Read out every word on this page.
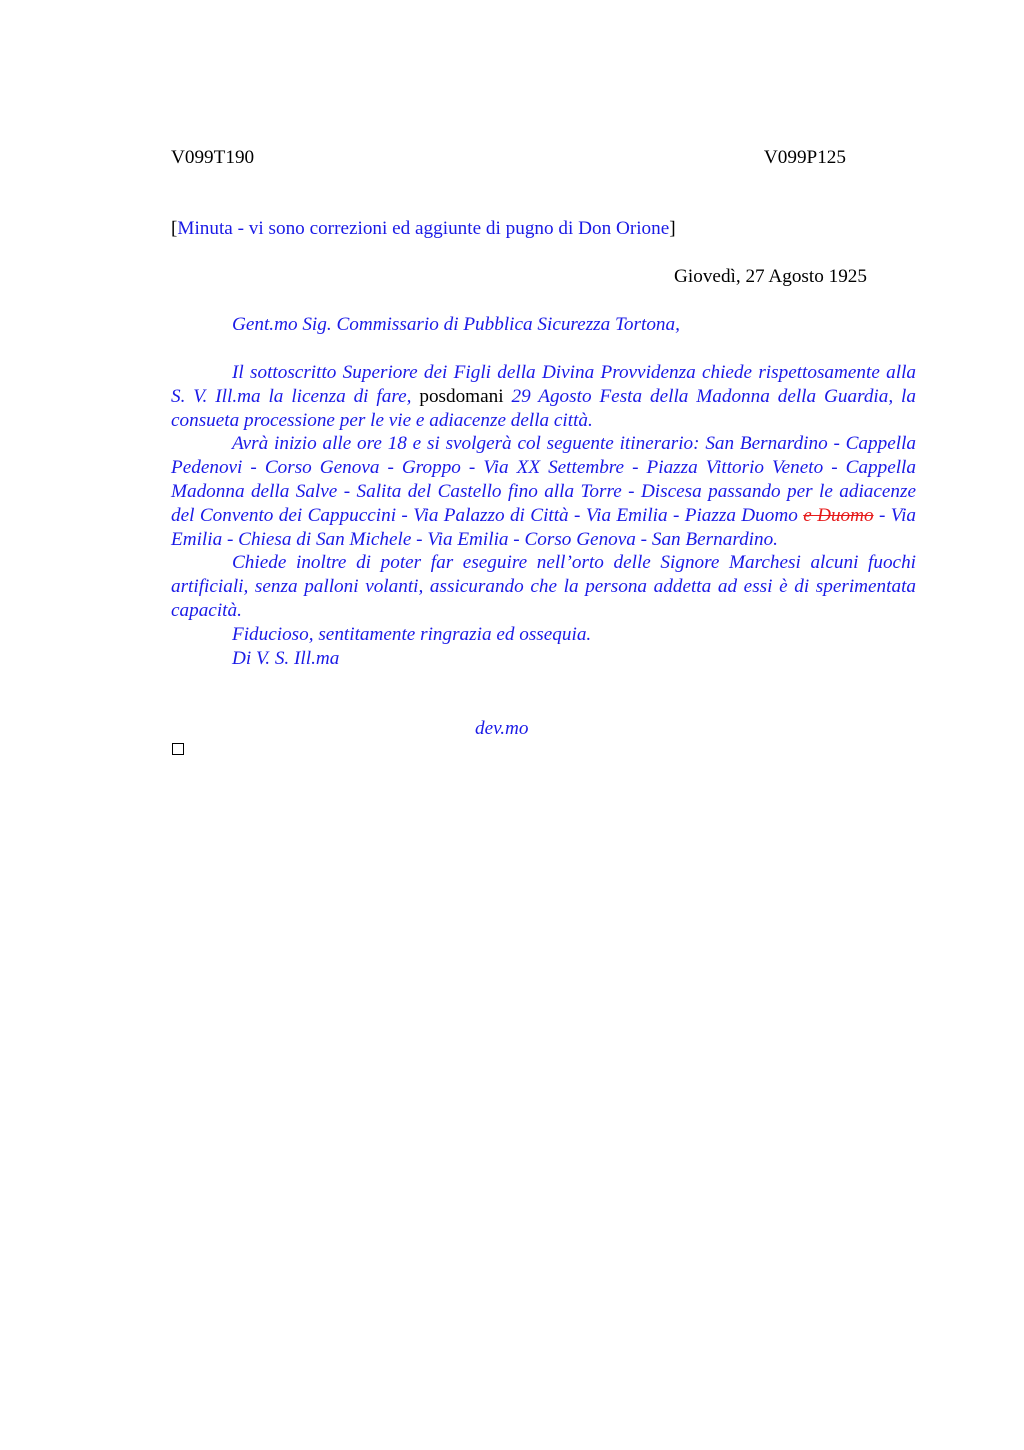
V099T190	V099P125
[Minuta - vi sono correzioni ed aggiunte di pugno di Don Orione]
Giovedì, 27 Agosto 1925
Gent.mo Sig. Commissario di Pubblica Sicurezza Tortona,

Il sottoscritto Superiore dei Figli della Divina Provvidenza chiede rispettosamente alla S. V. Ill.ma la licenza di fare, posdomani 29 Agosto Festa della Madonna della Guardia, la consueta processione per le vie e adiacenze della città.

Avrà inizio alle ore 18 e si svolgerà col seguente itinerario: San Bernardino - Cappella Pedenovi - Corso Genova - Groppo - Via XX Settembre - Piazza Vittorio Veneto - Cappella Madonna della Salve - Salita del Castello fino alla Torre - Discesa passando per le adiacenze del Convento dei Cappuccini - Via Palazzo di Città - Via Emilia - Piazza Duomo e Duomo - Via Emilia - Chiesa di San Michele - Via Emilia - Corso Genova - San Bernardino.

Chiede inoltre di poter far eseguire nell’orto delle Signore Marchesi alcuni fuochi artificiali, senza palloni volanti, assicurando che la persona addetta ad essi è di sperimentata capacità.

Fiducioso, sentitamente ringrazia ed ossequia.

Di V. S. Ill.ma

dev.mo
